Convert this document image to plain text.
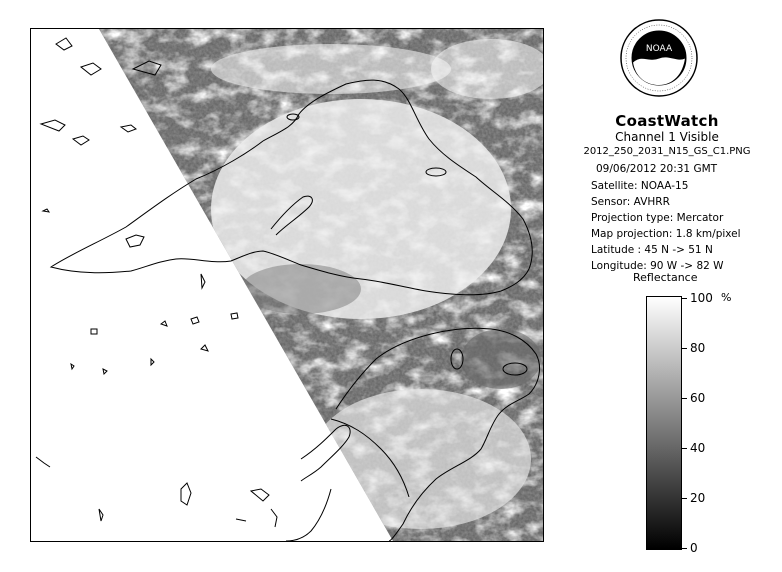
NOAA
CoastWatch
Channel 1 Visible
2012_250_2031_N15_GS_C1.PNG
09/06/2012 20:31 GMT
Satellite: NOAA-15
Sensor: AVHRR
Projection type: Mercator
Map projection: 1.8 km/pixel
Latitude : 45 N -> 51 N
Longitude: 90 W -> 82 W
Reflectance
%
100
80
60
40
20
0
